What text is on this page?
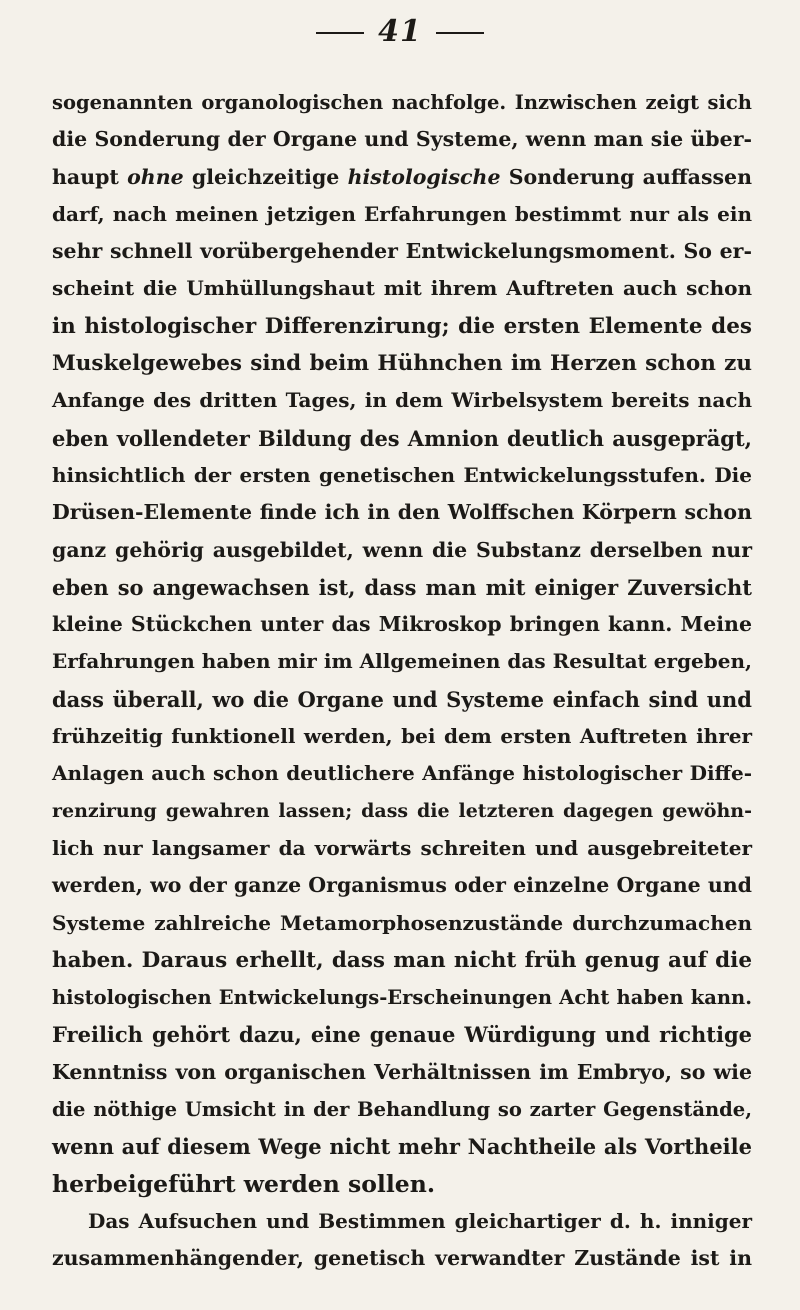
41
sogenannten organologischen nachfolge. Inzwischen zeigt sich
die Sonderung der Organe und Systeme, wenn man sie über-
haupt ohne gleichzeitige histologische Sonderung auffassen
darf, nach meinen jetzigen Erfahrungen bestimmt nur als ein
sehr schnell vorübergehender Entwickelungsmoment. So er-
scheint die Umhüllungshaut mit ihrem Auftreten auch schon
in histologischer Differenzirung; die ersten Elemente des
Muskelgewebes sind beim Hühnchen im Herzen schon zu
Anfange des dritten Tages, in dem Wirbelsystem bereits nach
eben vollendeter Bildung des Amnion deutlich ausgeprägt,
hinsichtlich der ersten genetischen Entwickelungsstufen. Die
Drüsen-Elemente finde ich in den Wolffschen Körpern schon
ganz gehörig ausgebildet, wenn die Substanz derselben nur
eben so angewachsen ist, dass man mit einiger Zuversicht
kleine Stückchen unter das Mikroskop bringen kann. Meine
Erfahrungen haben mir im Allgemeinen das Resultat ergeben,
dass überall, wo die Organe und Systeme einfach sind und
frühzeitig funktionell werden, bei dem ersten Auftreten ihrer
Anlagen auch schon deutlichere Anfänge histologischer Diffe-
renzirung gewahren lassen; dass die letzteren dagegen gewöhn-
lich nur langsamer da vorwärts schreiten und ausgebreiteter
werden, wo der ganze Organismus oder einzelne Organe und
Systeme zahlreiche Metamorphosenzustände durchzumachen
haben. Daraus erhellt, dass man nicht früh genug auf die
histologischen Entwickelungs-Erscheinungen Acht haben kann.
Freilich gehört dazu, eine genaue Würdigung und richtige
Kenntniss von organischen Verhältnissen im Embryo, so wie
die nöthige Umsicht in der Behandlung so zarter Gegenstände,
wenn auf diesem Wege nicht mehr Nachtheile als Vortheile
herbeigeführt werden sollen.
Das Aufsuchen und Bestimmen gleichartiger d. h. inniger
zusammenhängender, genetisch verwandter Zustände ist in
